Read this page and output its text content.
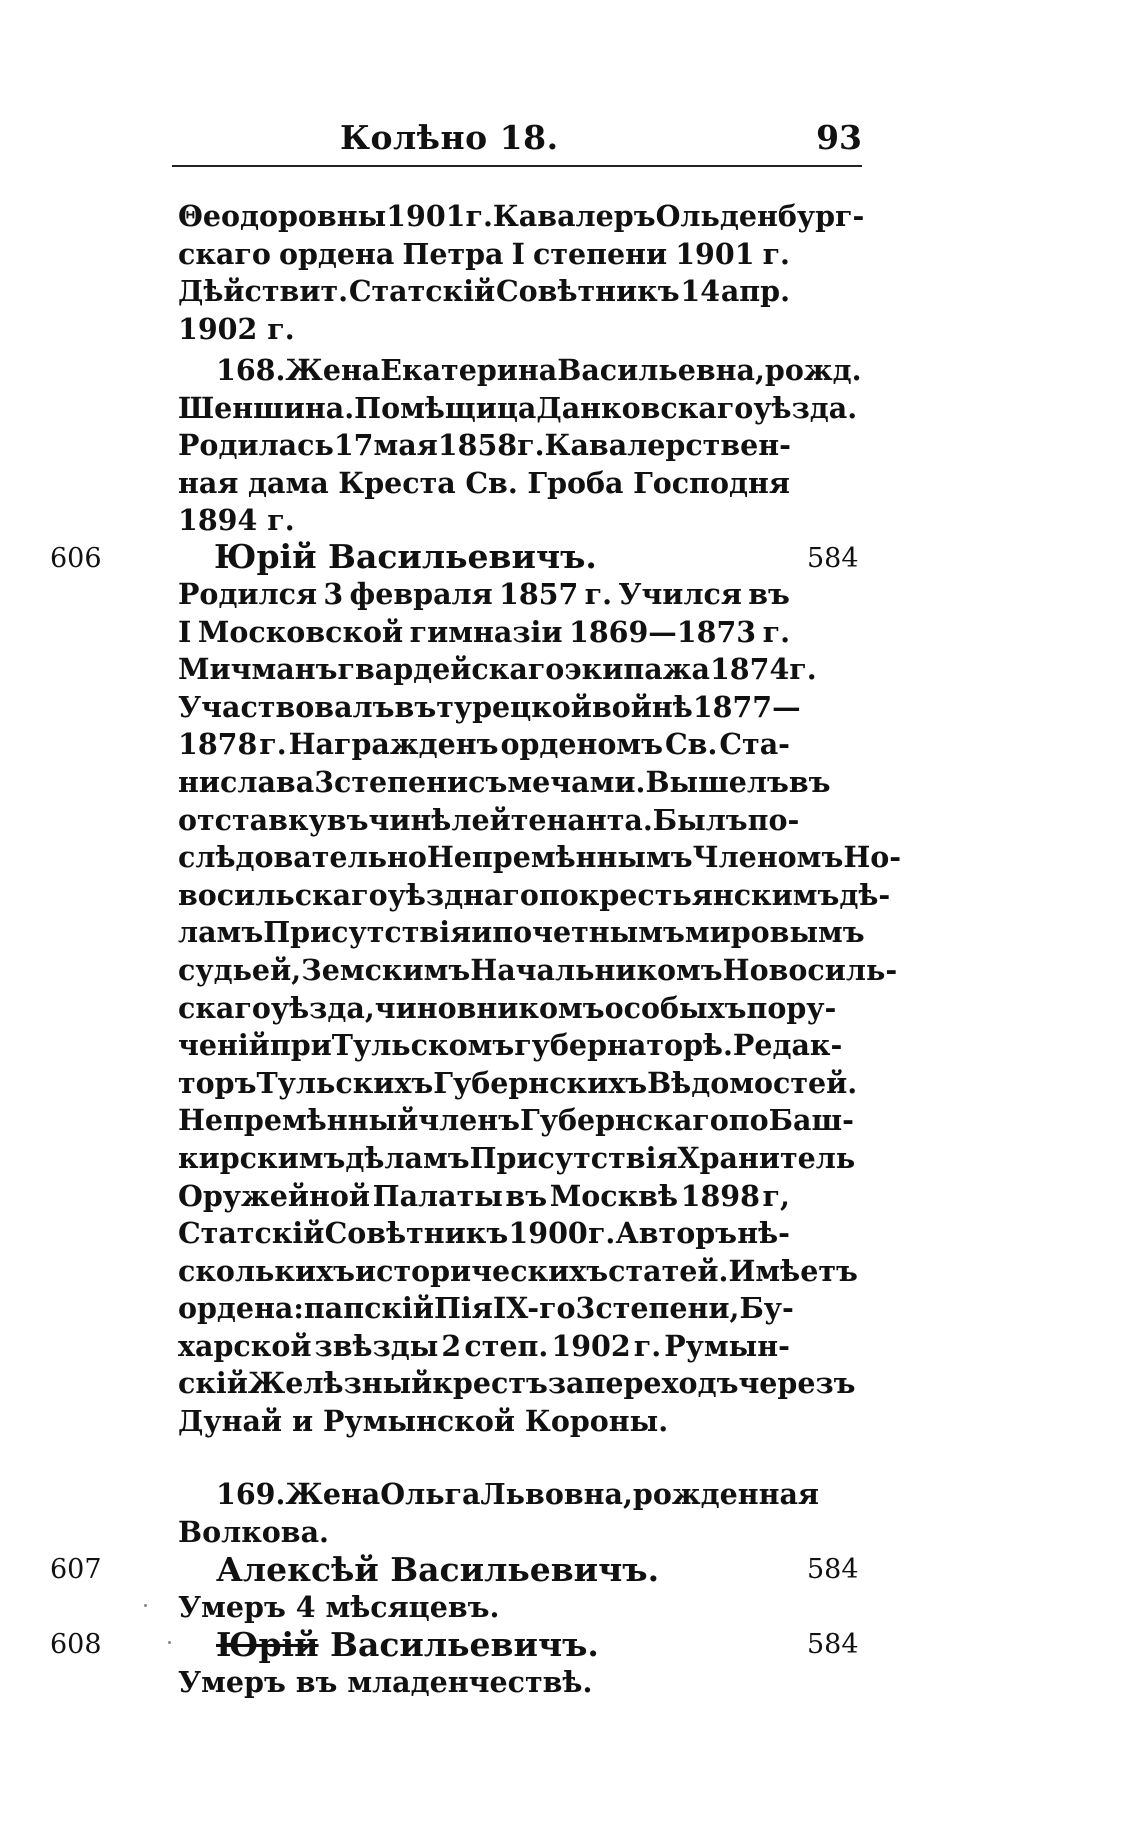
Колѣно 18.	93
Θеодоровны 1901 г. Кавалеръ Ольденбург-
скаго ордена Петра I степени 1901 г.
Дѣйствит. Статскій Совѣтникъ 14 апр.
1902 г.
168. Жена Екатерина Васильевна, рожд.
Шеншина. Помѣщица Данковскаго уѣзда.
Родилась 17 мая 1858 г. Кавалерствен-
ная дама Креста Св. Гроба Господня
1894 г.
606	584
Юрій Васильевичъ.
Родился 3 февраля 1857 г. Учился въ
I Московской гимназіи 1869—1873 г.
Мичманъ гвардейскаго экипажа 1874 г.
Участвовалъ въ турецкой войнѣ 1877—
1878 г. Награжденъ орденомъ Св. Ста-
нислава 3 степени съ мечами. Вышелъ въ
отставку въ чинѣ лейтенанта. Былъ по-
слѣдовательно Непремѣннымъ Членомъ Но-
восильскаго уѣзднаго по крестьянскимъ дѣ-
ламъ Присутствія и почетнымъ мировымъ
судьей, Земскимъ Начальникомъ Новосиль-
скаго уѣзда, чиновникомъ особыхъ пору-
ченій при Тульскомъ губернаторѣ. Редак-
торъ Тульскихъ Губернскихъ Вѣдомостей.
Непремѣнный членъ Губернскаго по Баш-
кирскимъ дѣламъ Присутствія Хранитель
Оружейной Палаты въ Москвѣ 1898 г,
Статскій Совѣтникъ 1900 г. Авторъ нѣ-
сколькихъ историческихъ статей. Имѣетъ
ордена: папскій Пія IX-го 3 степени, Бу-
харской звѣзды 2 степ. 1902 г. Румын-
скій Желѣзный крестъ за переходъ черезъ
Дунай и Румынской Короны.
169. Жена Ольга Львовна, рожденная
Волкова.
607	584
Алексѣй Васильевичъ.
Умеръ 4 мѣсяцевъ.
608	584
Юрій Васильевичъ.
Умеръ въ младенчествѣ.
